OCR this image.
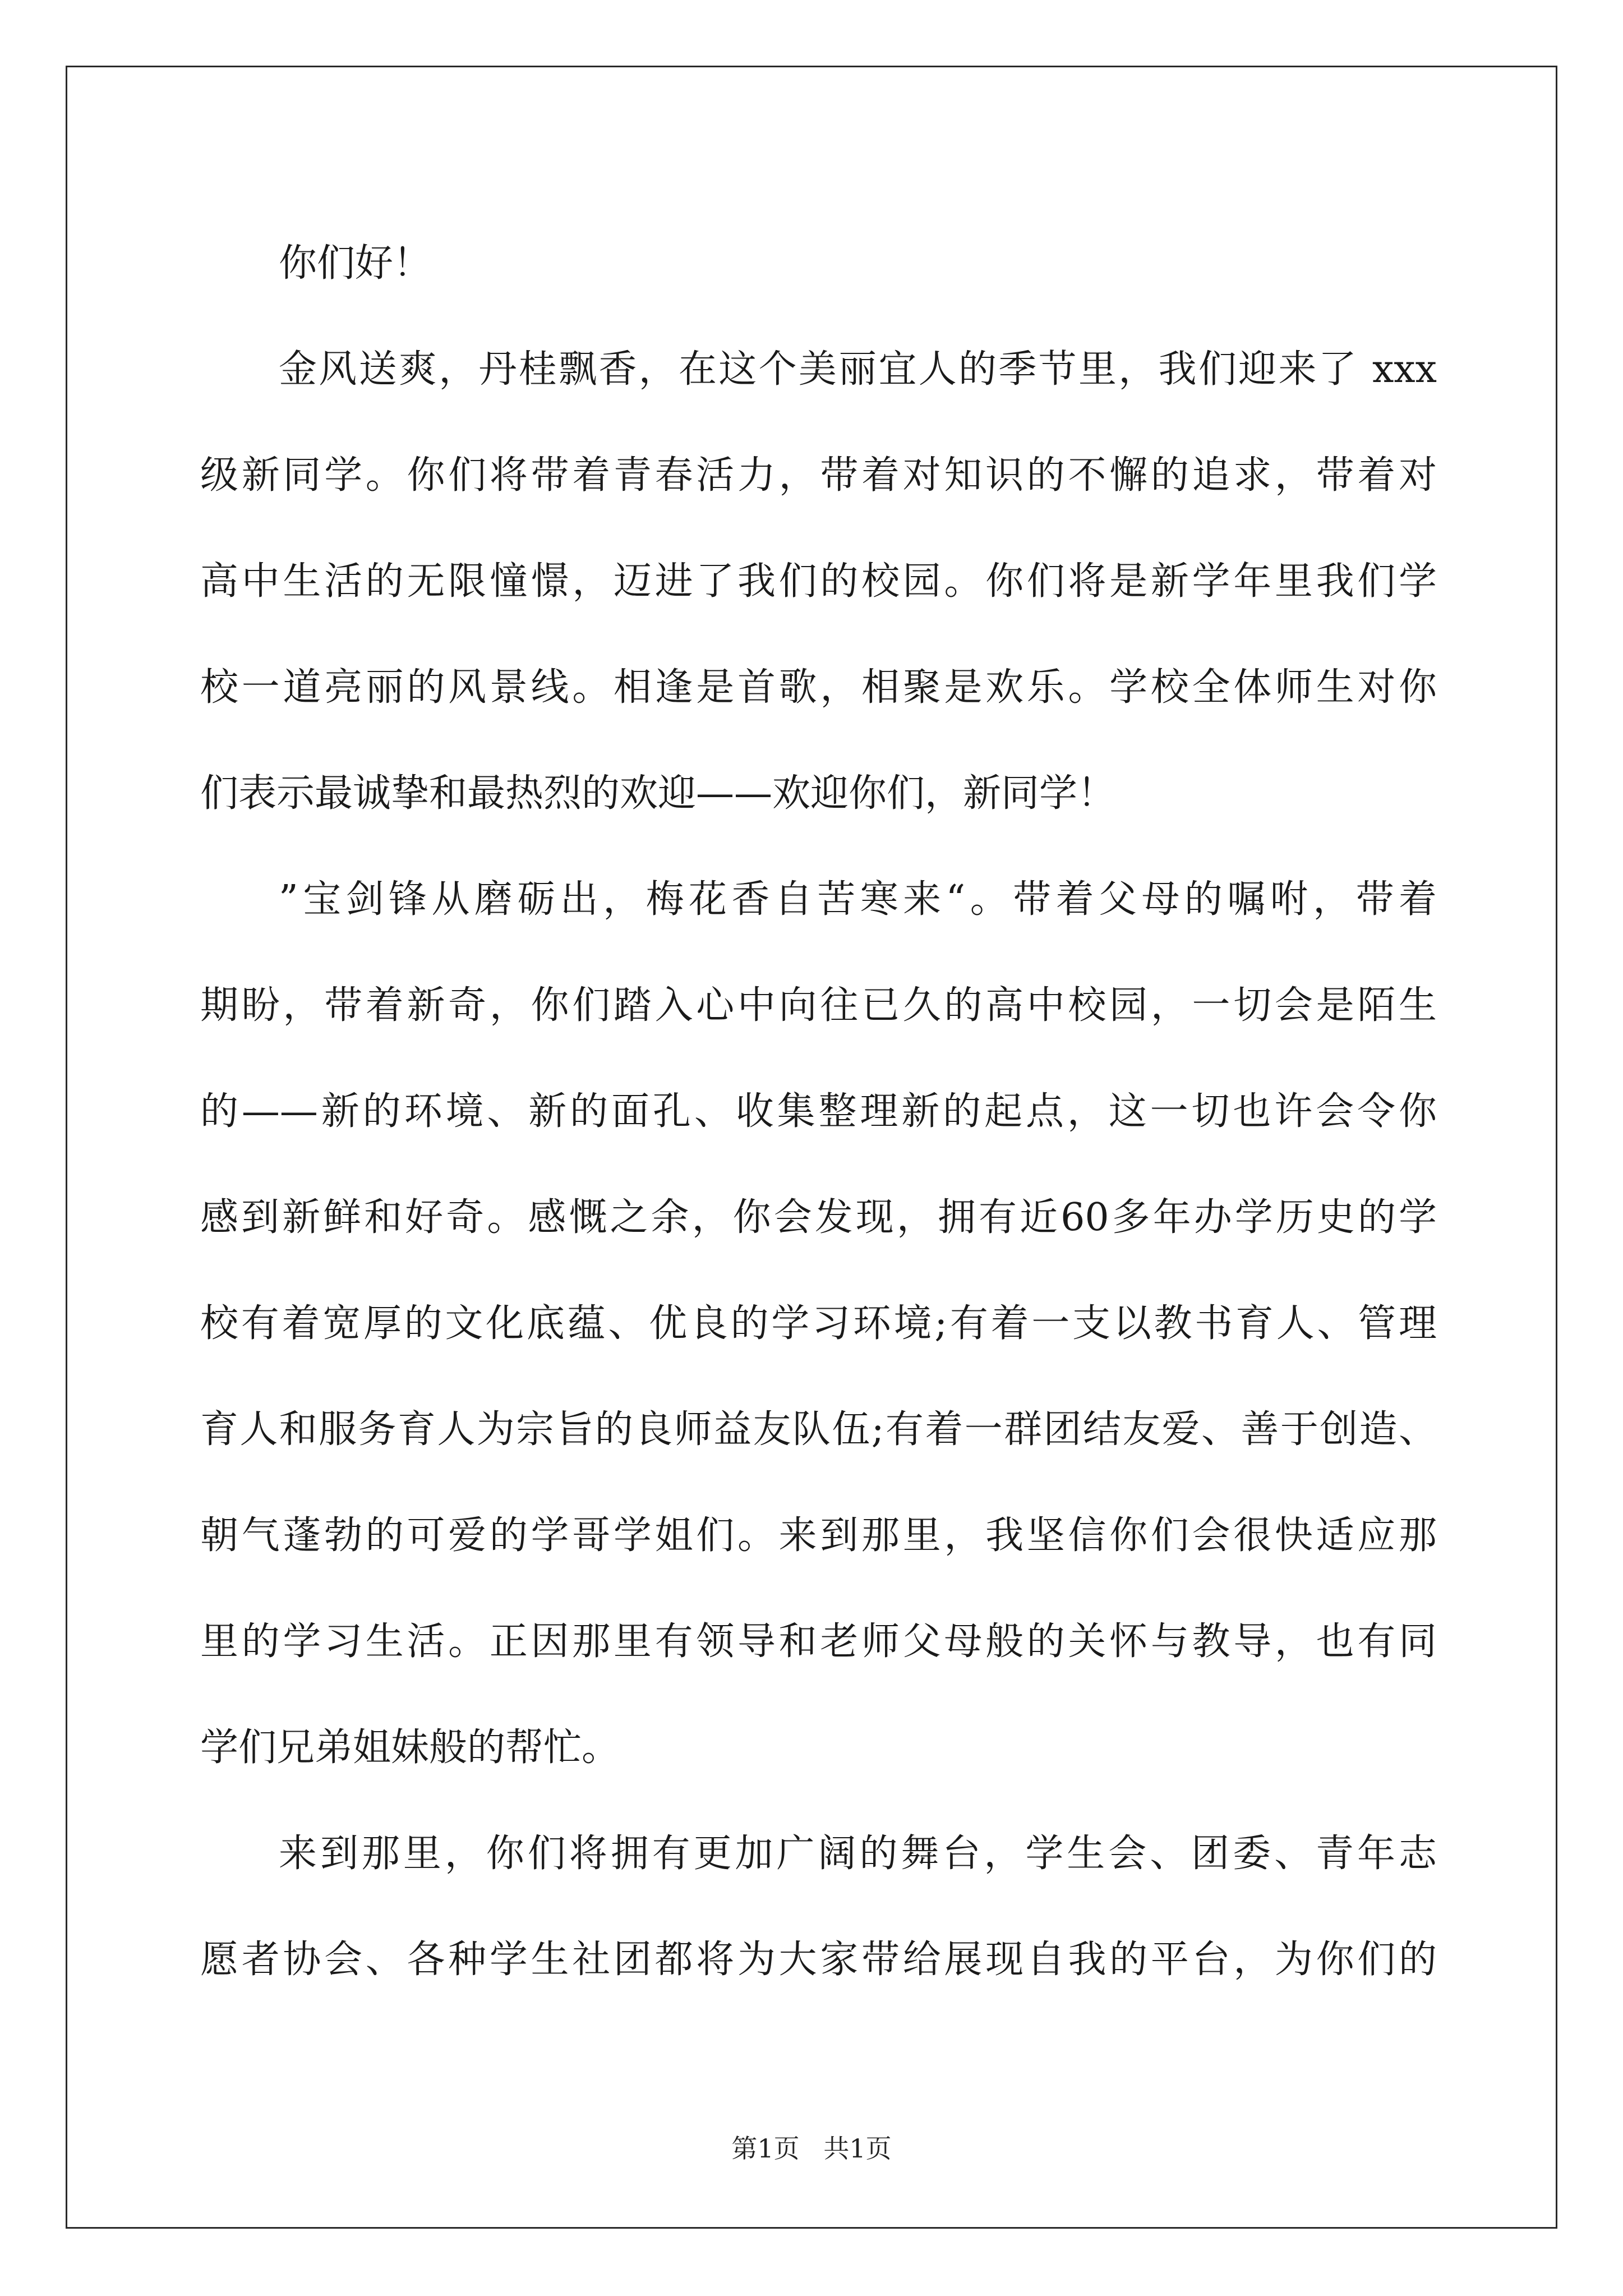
你们好！
金风送爽，丹桂飘香，在这个美丽宜人的季节里，我们迎来了 xxx
级新同学。你们将带着青春活力，带着对知识的不懈的追求，带着对
高中生活的无限憧憬，迈进了我们的校园。你们将是新学年里我们学
校一道亮丽的风景线。相逢是首歌，相聚是欢乐。学校全体师生对你
们表示最诚挚和最热烈的欢迎——欢迎你们，新同学！
”宝剑锋从磨砺出，梅花香自苦寒来“。带着父母的嘱咐，带着
期盼，带着新奇，你们踏入心中向往已久的高中校园，一切会是陌生
的——新的环境、新的面孔、收集整理新的起点，这一切也许会令你
感到新鲜和好奇。感慨之余，你会发现，拥有近60多年办学历史的学
校有着宽厚的文化底蕴、优良的学习环境;有着一支以教书育人、管理
育人和服务育人为宗旨的良师益友队伍;有着一群团结友爱、善于创造、
朝气蓬勃的可爱的学哥学姐们。来到那里，我坚信你们会很快适应那
里的学习生活。正因那里有领导和老师父母般的关怀与教导，也有同
学们兄弟姐妹般的帮忙。
来到那里，你们将拥有更加广阔的舞台，学生会、团委、青年志
愿者协会、各种学生社团都将为大家带给展现自我的平台，为你们的
第1页 共1页
